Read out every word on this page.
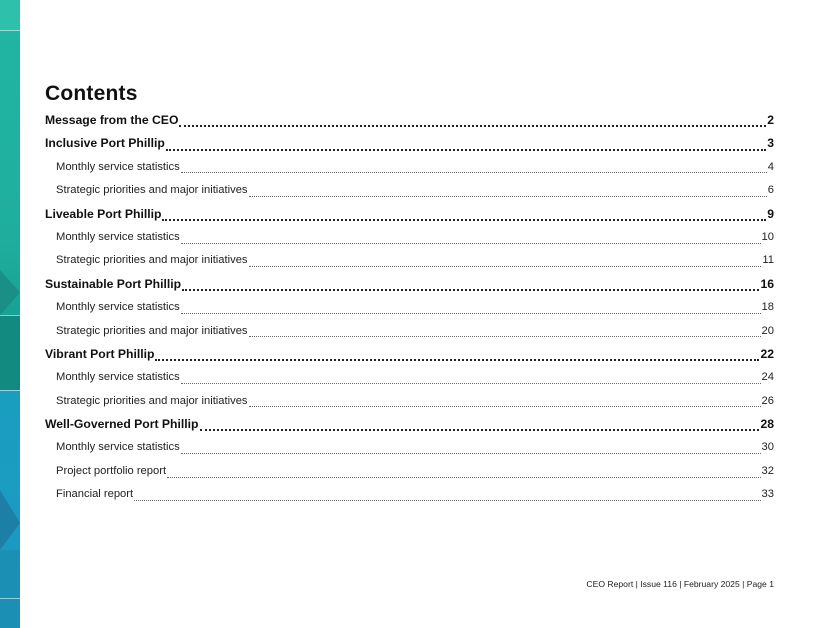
Contents
Message from the CEO	2
Inclusive Port Phillip	3
Monthly service statistics	4
Strategic priorities and major initiatives	6
Liveable Port Phillip	9
Monthly service statistics	10
Strategic priorities and major initiatives	11
Sustainable Port Phillip	16
Monthly service statistics	18
Strategic priorities and major initiatives	20
Vibrant Port Phillip	22
Monthly service statistics	24
Strategic priorities and major initiatives	26
Well-Governed Port Phillip	28
Monthly service statistics	30
Project portfolio report	32
Financial report	33
CEO Report | Issue 116 | February 2025 | Page 1
